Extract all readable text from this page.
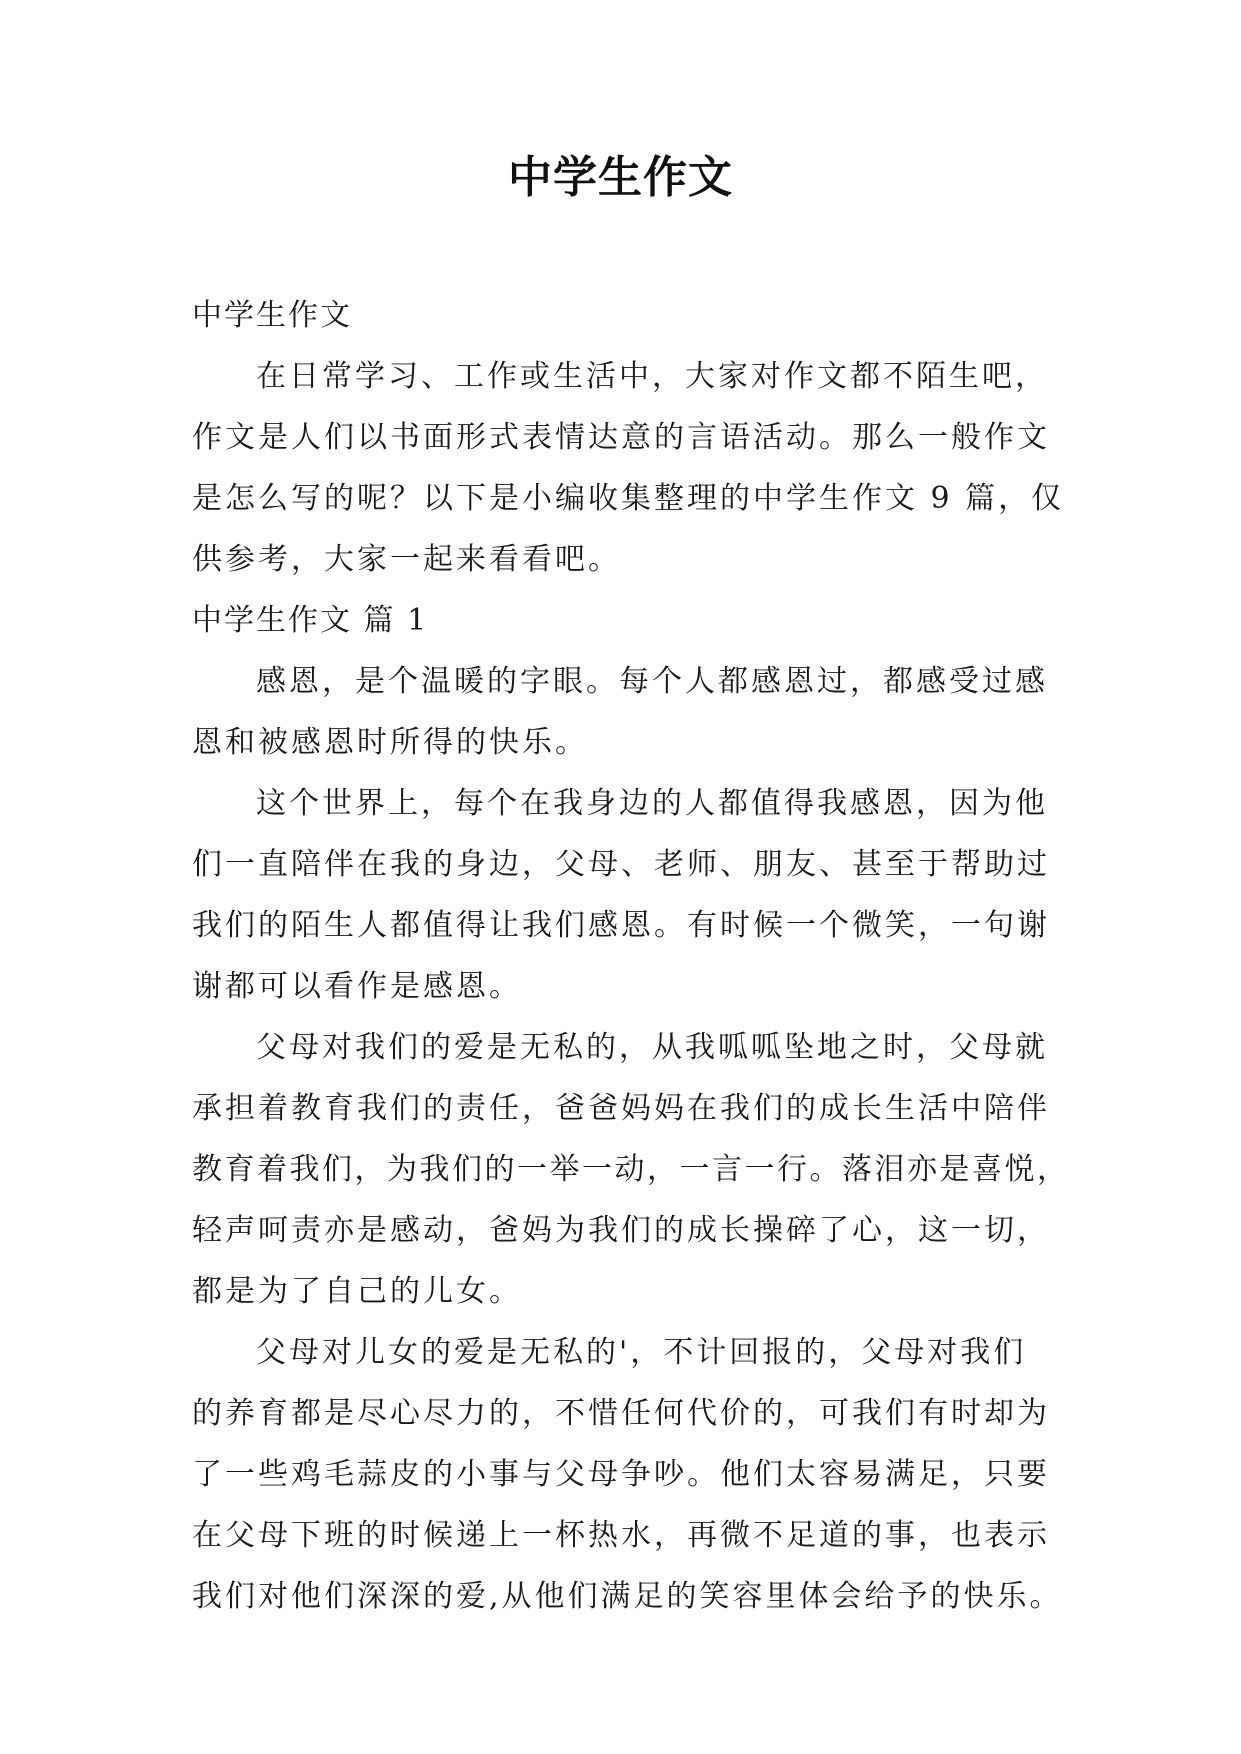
中学生作文
中学生作文
在日常学习、工作或生活中，大家对作文都不陌生吧，
作文是人们以书面形式表情达意的言语活动。那么一般作文
是怎么写的呢？以下是小编收集整理的中学生作文 9 篇，仅
供参考，大家一起来看看吧。
中学生作文 篇 1
感恩，是个温暖的字眼。每个人都感恩过，都感受过感
恩和被感恩时所得的快乐。
这个世界上，每个在我身边的人都值得我感恩，因为他
们一直陪伴在我的身边，父母、老师、朋友、甚至于帮助过
我们的陌生人都值得让我们感恩。有时候一个微笑，一句谢
谢都可以看作是感恩。
父母对我们的爱是无私的，从我呱呱坠地之时，父母就
承担着教育我们的责任，爸爸妈妈在我们的成长生活中陪伴
教育着我们，为我们的一举一动，一言一行。落泪亦是喜悦，
轻声呵责亦是感动，爸妈为我们的成长操碎了心，这一切，
都是为了自己的儿女。
父母对儿女的爱是无私的'，不计回报的，父母对我们
的养育都是尽心尽力的，不惜任何代价的，可我们有时却为
了一些鸡毛蒜皮的小事与父母争吵。他们太容易满足，只要
在父母下班的时候递上一杯热水，再微不足道的事，也表示
我们对他们深深的爱,从他们满足的笑容里体会给予的快乐。
